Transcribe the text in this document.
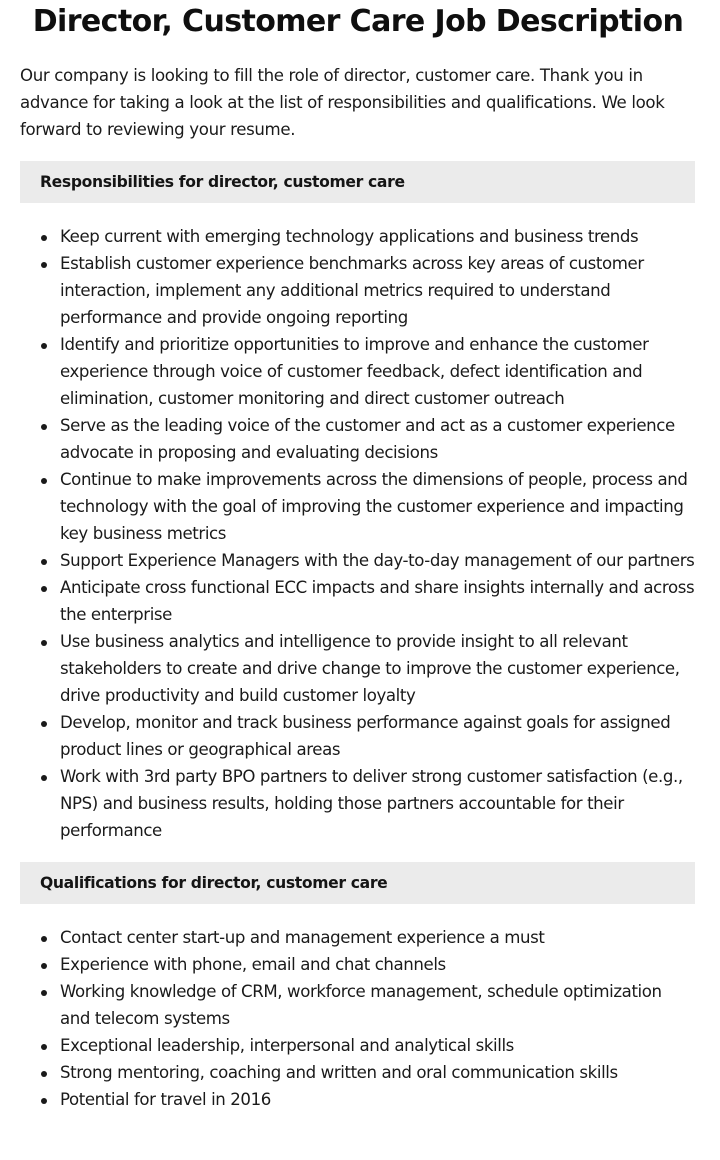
Director, Customer Care Job Description

Our company is looking to fill the role of director, customer care. Thank you in advance for taking a look at the list of responsibilities and qualifications. We look forward to reviewing your resume.

Responsibilities for director, customer care
Keep current with emerging technology applications and business trends
Establish customer experience benchmarks across key areas of customer interaction, implement any additional metrics required to understand performance and provide ongoing reporting
Identify and prioritize opportunities to improve and enhance the customer experience through voice of customer feedback, defect identification and elimination, customer monitoring and direct customer outreach
Serve as the leading voice of the customer and act as a customer experience advocate in proposing and evaluating decisions
Continue to make improvements across the dimensions of people, process and technology with the goal of improving the customer experience and impacting key business metrics
Support Experience Managers with the day-to-day management of our partners
Anticipate cross functional ECC impacts and share insights internally and across the enterprise
Use business analytics and intelligence to provide insight to all relevant stakeholders to create and drive change to improve the customer experience, drive productivity and build customer loyalty
Develop, monitor and track business performance against goals for assigned product lines or geographical areas
Work with 3rd party BPO partners to deliver strong customer satisfaction (e.g., NPS) and business results, holding those partners accountable for their performance
Qualifications for director, customer care
Contact center start-up and management experience a must
Experience with phone, email and chat channels
Working knowledge of CRM, workforce management, schedule optimization and telecom systems
Exceptional leadership, interpersonal and analytical skills
Strong mentoring, coaching and written and oral communication skills
Potential for travel in 2016
